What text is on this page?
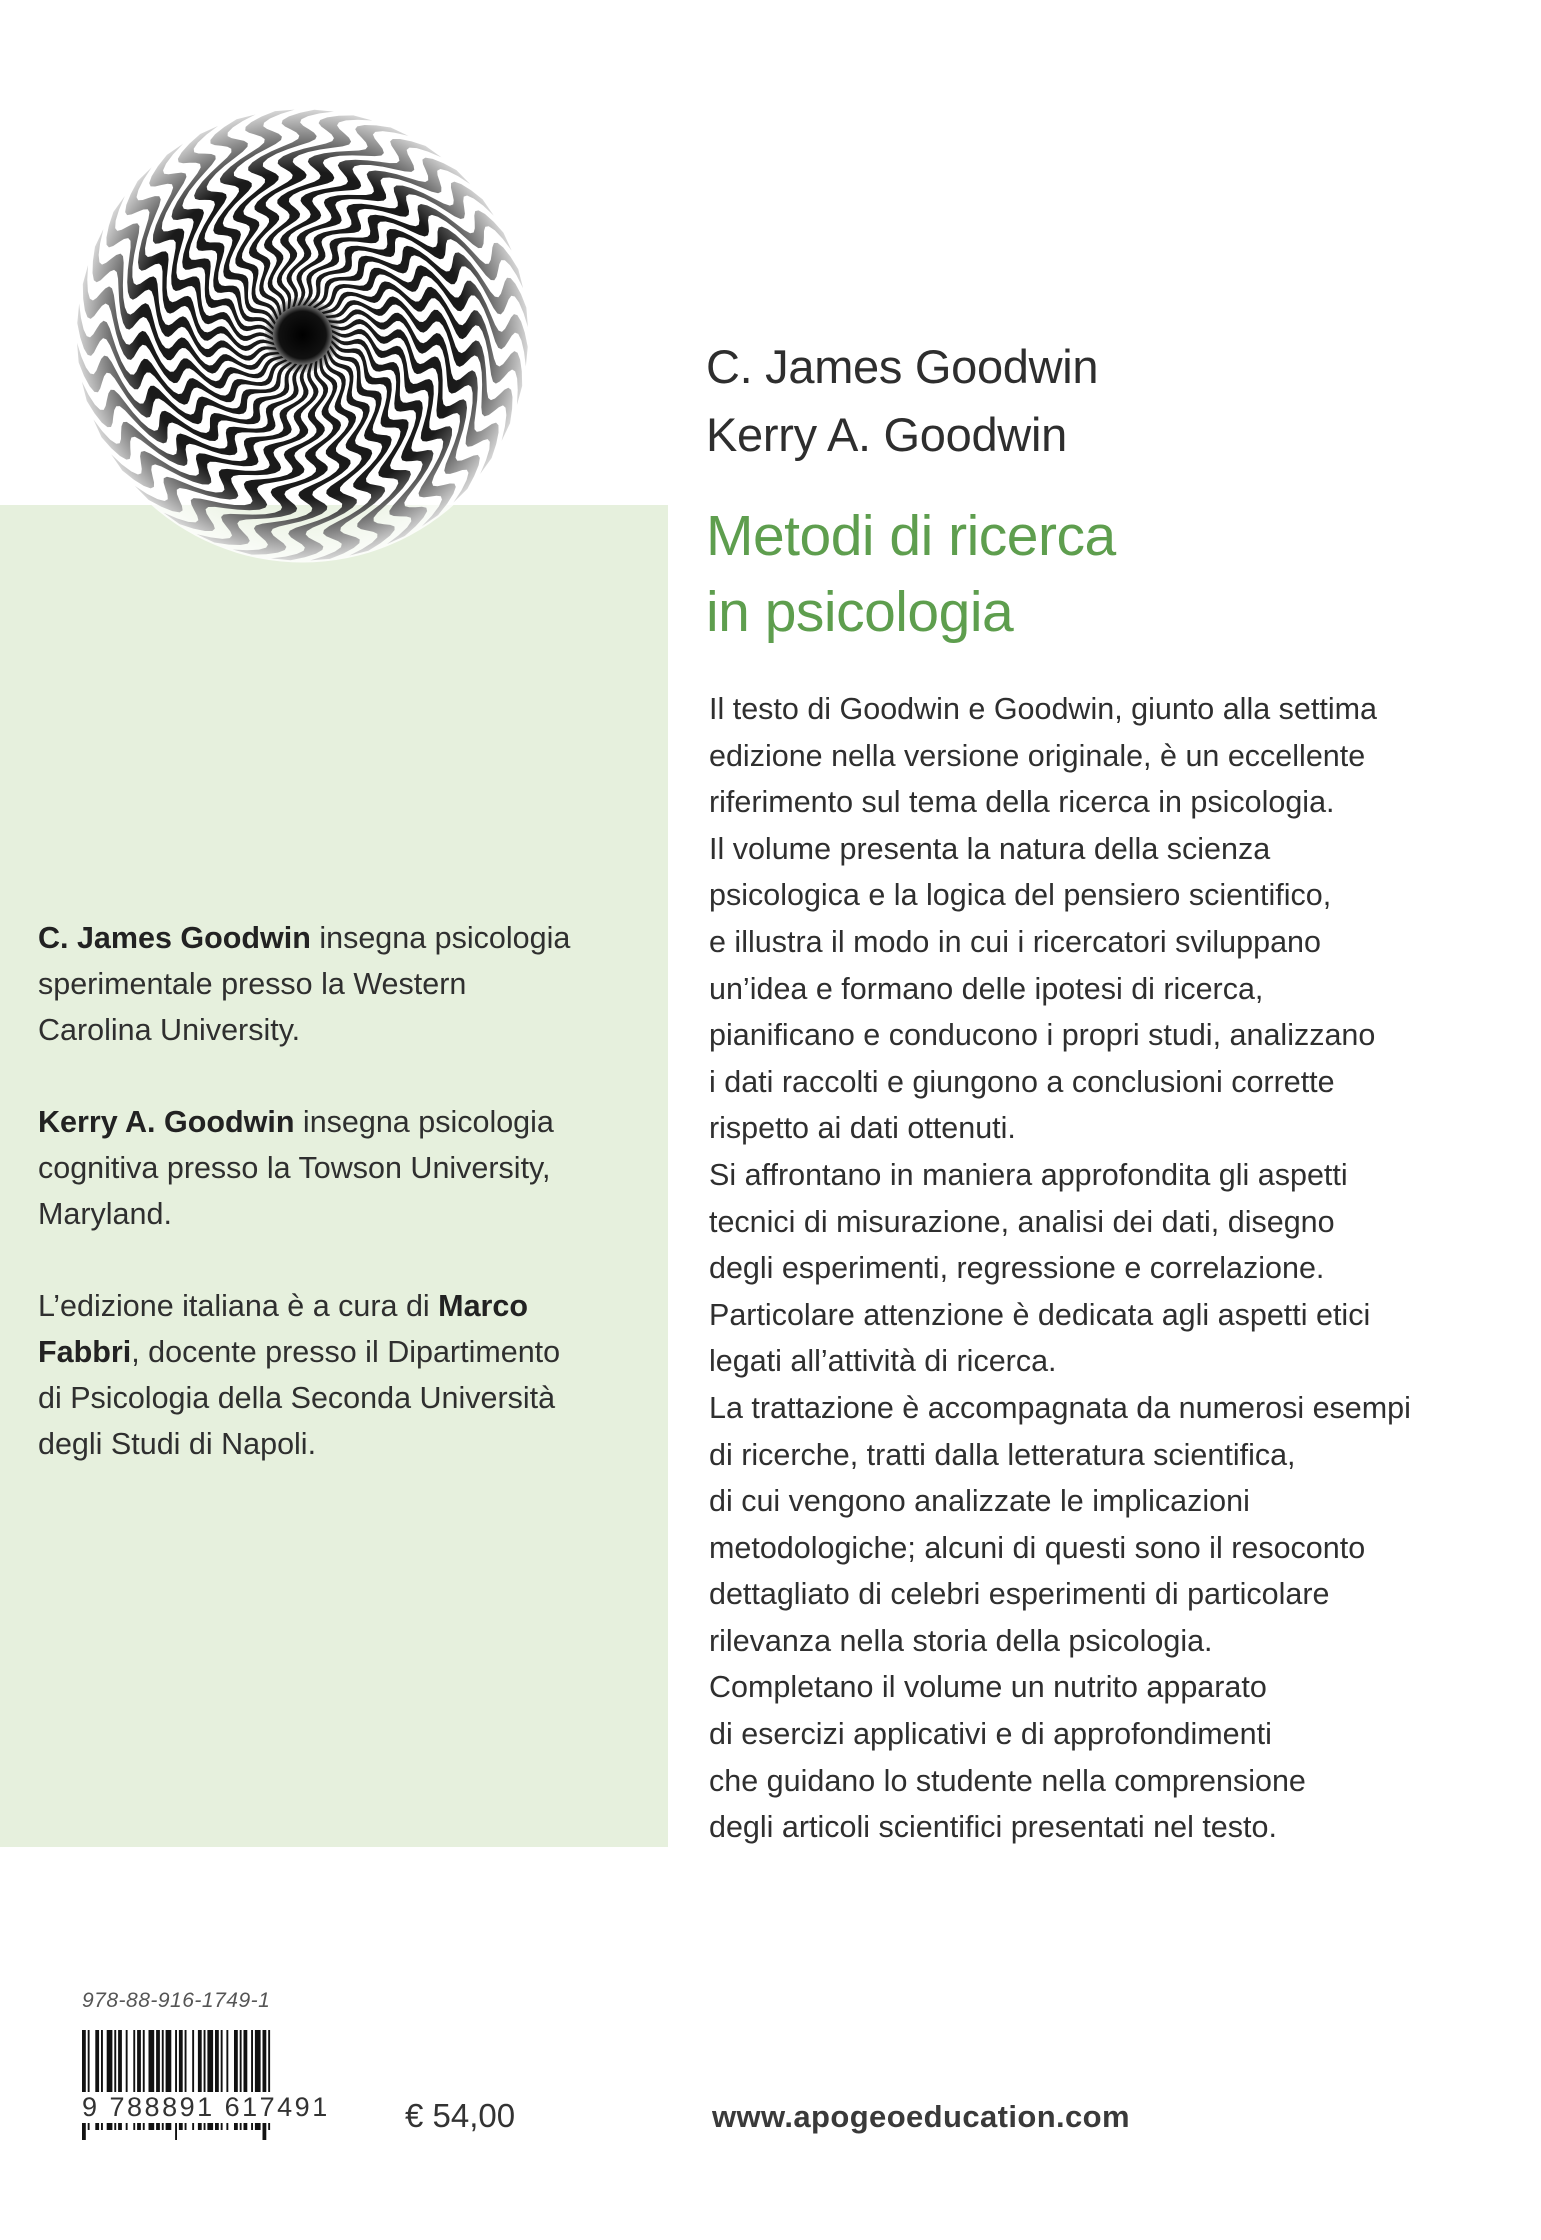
C. James Goodwin
Kerry A. Goodwin
Metodi di ricerca
in psicologia

Il testo di Goodwin e Goodwin, giunto alla settima

edizione nella versione originale, è un eccellente

riferimento sul tema della ricerca in psicologia.

Il volume presenta la natura della scienza

psicologica e la logica del pensiero scientifico,

e illustra il modo in cui i ricercatori sviluppano

un’idea e formano delle ipotesi di ricerca,

pianificano e conducono i propri studi, analizzano

i dati raccolti e giungono a conclusioni corrette

rispetto ai dati ottenuti.

Si affrontano in maniera approfondita gli aspetti

tecnici di misurazione, analisi dei dati, disegno

degli esperimenti, regressione e correlazione.

Particolare attenzione è dedicata agli aspetti etici

legati all’attività di ricerca.

La trattazione è accompagnata da numerosi esempi

di ricerche, tratti dalla letteratura scientifica,

di cui vengono analizzate le implicazioni

metodologiche; alcuni di questi sono il resoconto

dettagliato di celebri esperimenti di particolare

rilevanza nella storia della psicologia.

Completano il volume un nutrito apparato

di esercizi applicativi e di approfondimenti

che guidano lo studente nella comprensione

degli articoli scientifici presentati nel testo.

C. James Goodwin insegna psicologia

sperimentale presso la Western

Carolina University.

Kerry A. Goodwin insegna psicologia

cognitiva presso la Towson University,

Maryland.

L’edizione italiana è a cura di Marco

Fabbri, docente presso il Dipartimento

di Psicologia della Seconda Università

degli Studi di Napoli.

978-88-916-1749-1
9 788891 617491	€ 54,00	www.apogeoeducation.com
